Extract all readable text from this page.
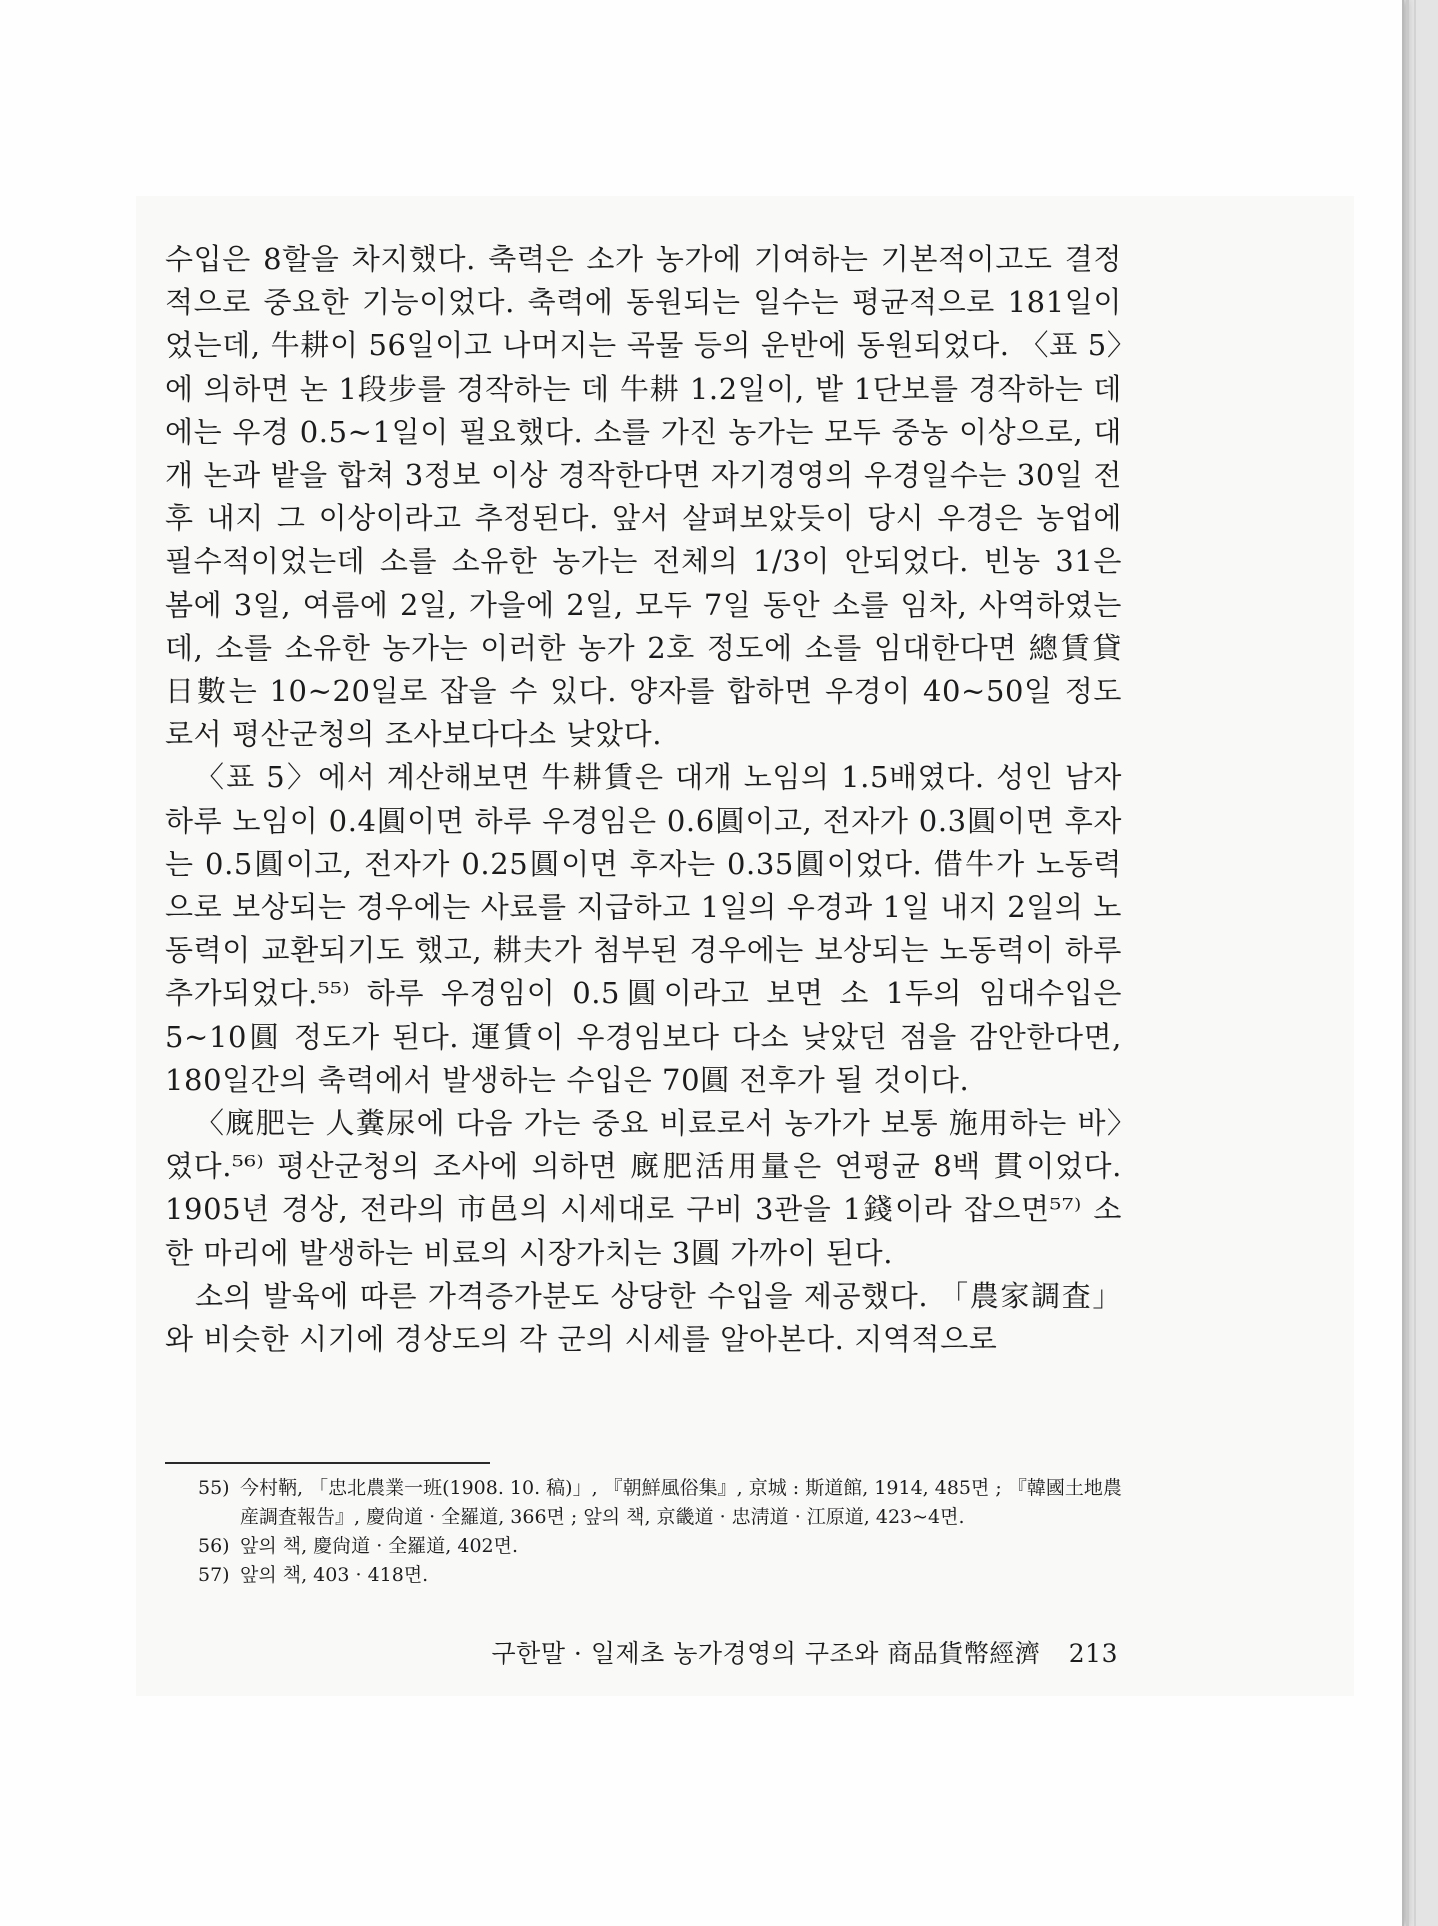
수입은 8할을 차지했다. 축력은 소가 농가에 기여하는 기본적이고도 결정적으로 중요한 기능이었다. 축력에 동원되는 일수는 평균적으로 181일이었는데, 牛耕이 56일이고 나머지는 곡물 등의 운반에 동원되었다. 〈표 5〉에 의하면 논 1段步를 경작하는 데 牛耕 1.2일이, 밭 1단보를 경작하는 데에는 우경 0.5~1일이 필요했다. 소를 가진 농가는 모두 중농 이상으로, 대개 논과 밭을 합쳐 3정보 이상 경작한다면 자기경영의 우경일수는 30일 전후 내지 그 이상이라고 추정된다. 앞서 살펴보았듯이 당시 우경은 농업에 필수적이었는데 소를 소유한 농가는 전체의 1/3이 안되었다. 빈농 31은 봄에 3일, 여름에 2일, 가을에 2일, 모두 7일 동안 소를 임차, 사역하였는데, 소를 소유한 농가는 이러한 농가 2호 정도에 소를 임대한다면 總賃貸日數는 10~20일로 잡을 수 있다. 양자를 합하면 우경이 40~50일 정도로서 평산군청의 조사보다다소 낮았다.

〈표 5〉에서 계산해보면 牛耕賃은 대개 노임의 1.5배였다. 성인 남자 하루 노임이 0.4圓이면 하루 우경임은 0.6圓이고, 전자가 0.3圓이면 후자는 0.5圓이고, 전자가 0.25圓이면 후자는 0.35圓이었다. 借牛가 노동력으로 보상되는 경우에는 사료를 지급하고 1일의 우경과 1일 내지 2일의 노동력이 교환되기도 했고, 耕夫가 첨부된 경우에는 보상되는 노동력이 하루 추가되었다.⁵⁵⁾ 하루 우경임이 0.5圓이라고 보면 소 1두의 임대수입은 5~10圓 정도가 된다. 運賃이 우경임보다 다소 낮았던 점을 감안한다면, 180일간의 축력에서 발생하는 수입은 70圓 전후가 될 것이다.

〈廐肥는 人糞尿에 다음 가는 중요 비료로서 농가가 보통 施用하는 바〉였다.⁵⁶⁾ 평산군청의 조사에 의하면 廐肥活用量은 연평균 8백 貫이었다. 1905년 경상, 전라의 市邑의 시세대로 구비 3관을 1錢이라 잡으면⁵⁷⁾ 소 한 마리에 발생하는 비료의 시장가치는 3圓 가까이 된다.

소의 발육에 따른 가격증가분도 상당한 수입을 제공했다. 「農家調査」와 비슷한 시기에 경상도의 각 군의 시세를 알아본다. 지역적으로

55) 今村鞆, 「忠北農業一班(1908. 10. 稿)」, 『朝鮮風俗集』, 京城 : 斯道館, 1914, 485면 ; 『韓國土地農産調査報告』, 慶尙道 · 全羅道, 366면 ; 앞의 책, 京畿道 · 忠淸道 · 江原道, 423~4면.

56) 앞의 책, 慶尙道 · 全羅道, 402면.

57) 앞의 책, 403 · 418면.

구한말 · 일제초 농가경영의 구조와 商品貨幣經濟 213
